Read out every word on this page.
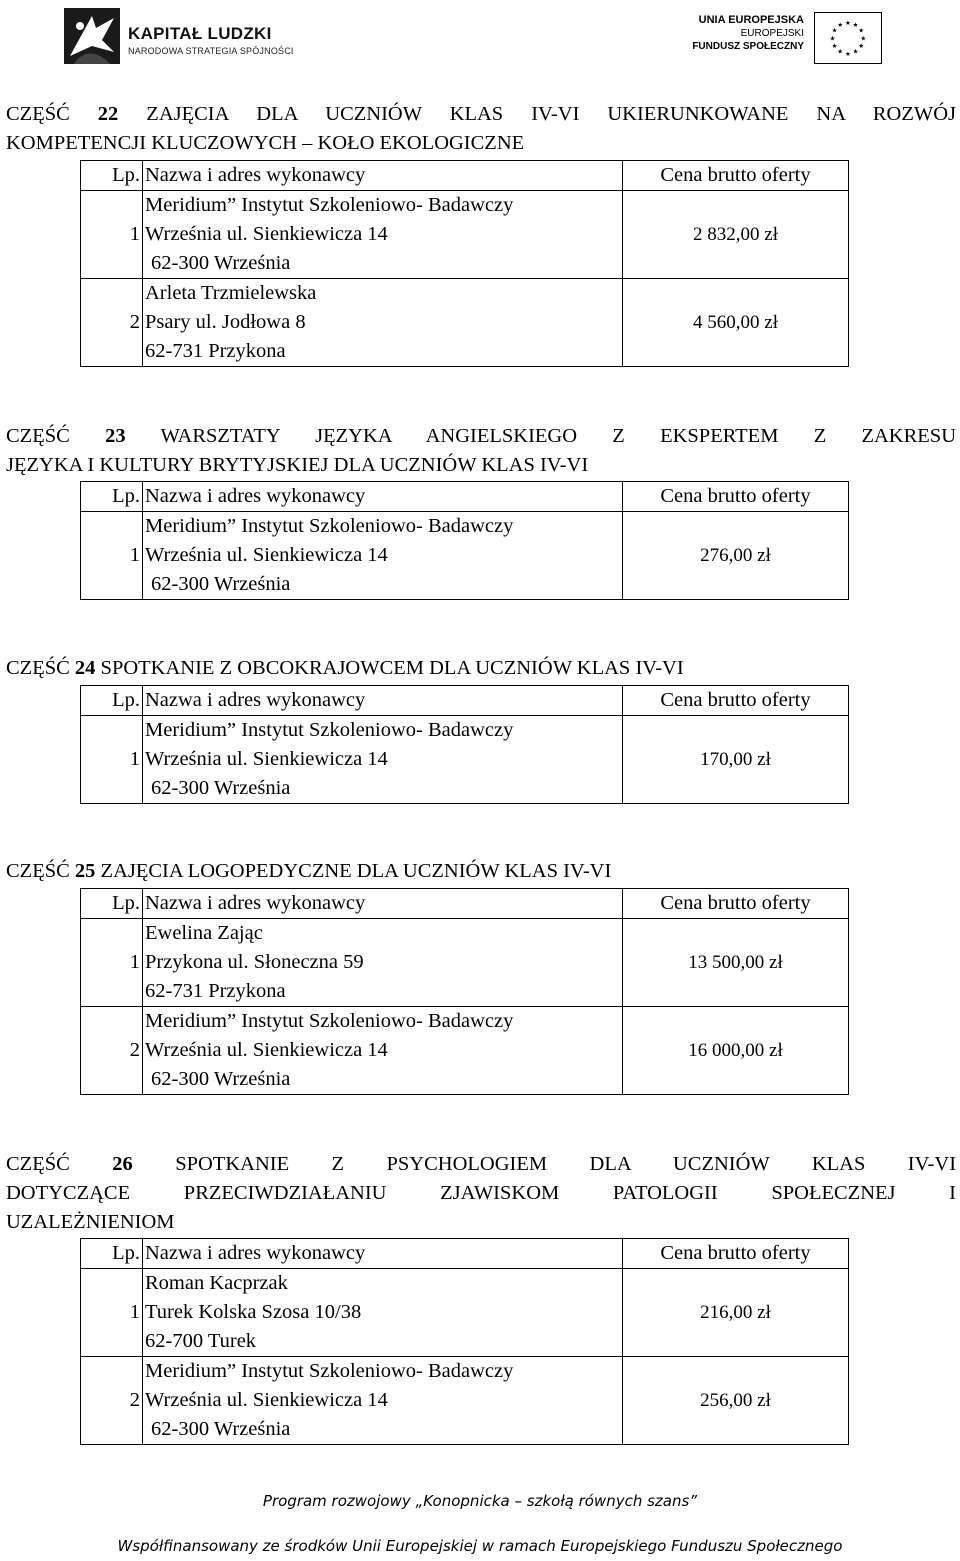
KAPITAŁ LUDZKI
NARODOWA STRATEGIA SPÓJNOŚCI
UNIA EUROPEJSKA
EUROPEJSKI
FUNDUSZ SPOŁECZNY
★
★
★
★
★
★
★
★
★ ★ ★
★
CZĘŚĆ 22 ZAJĘCIA DLA UCZNIÓW KLAS IV-VI UKIERUNKOWANE NA ROZWÓJ
KOMPETENCJI KLUCZOWYCH – KOŁO EKOLOGICZNE
Lp.	Nazwa i adres wykonawcy	Cena brutto oferty
1	Meridium” Instytut Szkoleniowo- Badawczy
Września ul. Sienkiewicza 14
62-300 Września	2 832,00 zł
2	Arleta Trzmielewska
Psary ul. Jodłowa 8
62-731 Przykona	4 560,00 zł
CZĘŚĆ 23 WARSZTATY JĘZYKA ANGIELSKIEGO Z EKSPERTEM Z ZAKRESU
JĘZYKA I KULTURY BRYTYJSKIEJ DLA UCZNIÓW KLAS IV-VI
Lp.	Nazwa i adres wykonawcy	Cena brutto oferty
1	Meridium” Instytut Szkoleniowo- Badawczy
Września ul. Sienkiewicza 14
62-300 Września	276,00 zł
CZĘŚĆ 24 SPOTKANIE Z OBCOKRAJOWCEM DLA UCZNIÓW KLAS IV-VI
Lp.	Nazwa i adres wykonawcy	Cena brutto oferty
1	Meridium” Instytut Szkoleniowo- Badawczy
Września ul. Sienkiewicza 14
62-300 Września	170,00 zł
CZĘŚĆ 25 ZAJĘCIA LOGOPEDYCZNE DLA UCZNIÓW KLAS IV-VI
Lp.	Nazwa i adres wykonawcy	Cena brutto oferty
1	Ewelina Zając
Przykona ul. Słoneczna 59
62-731 Przykona	13 500,00 zł
2	Meridium” Instytut Szkoleniowo- Badawczy
Września ul. Sienkiewicza 14
62-300 Września	16 000,00 zł
CZĘŚĆ 26 SPOTKANIE Z PSYCHOLOGIEM DLA UCZNIÓW KLAS IV-VI
DOTYCZĄCE PRZECIWDZIAŁANIU ZJAWISKOM PATOLOGII SPOŁECZNEJ I
UZALEŻNIENIOM
Lp.	Nazwa i adres wykonawcy	Cena brutto oferty
1	Roman Kacprzak
Turek Kolska Szosa 10/38
62-700 Turek	216,00 zł
2	Meridium” Instytut Szkoleniowo- Badawczy
Września ul. Sienkiewicza 14
62-300 Września	256,00 zł
Program rozwojowy „Konopnicka – szkołą równych szans”
Współfinansowany ze środków Unii Europejskiej w ramach Europejskiego Funduszu Społecznego
